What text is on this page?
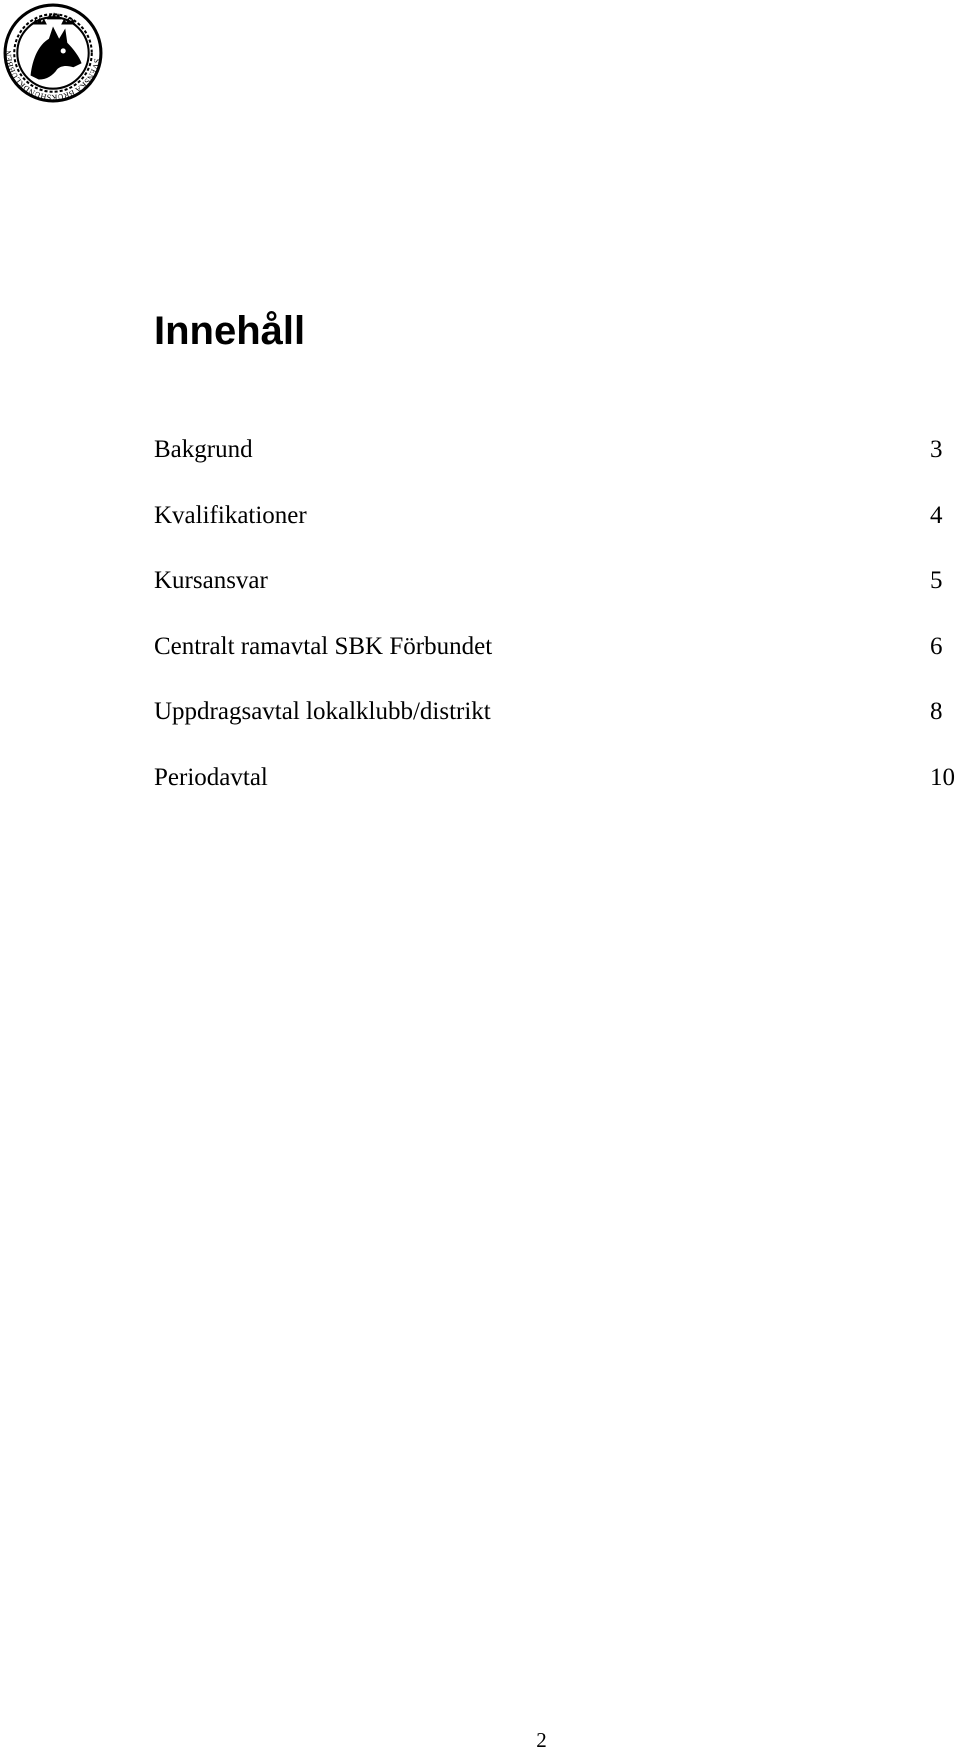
SVENSKA BRUKSHUNDKLUBBEN
Innehåll
Bakgrund	3
Kvalifikationer	4
Kursansvar	5
Centralt ramavtal SBK Förbundet	6
Uppdragsavtal lokalklubb/distrikt	8
Periodavtal	10
2
